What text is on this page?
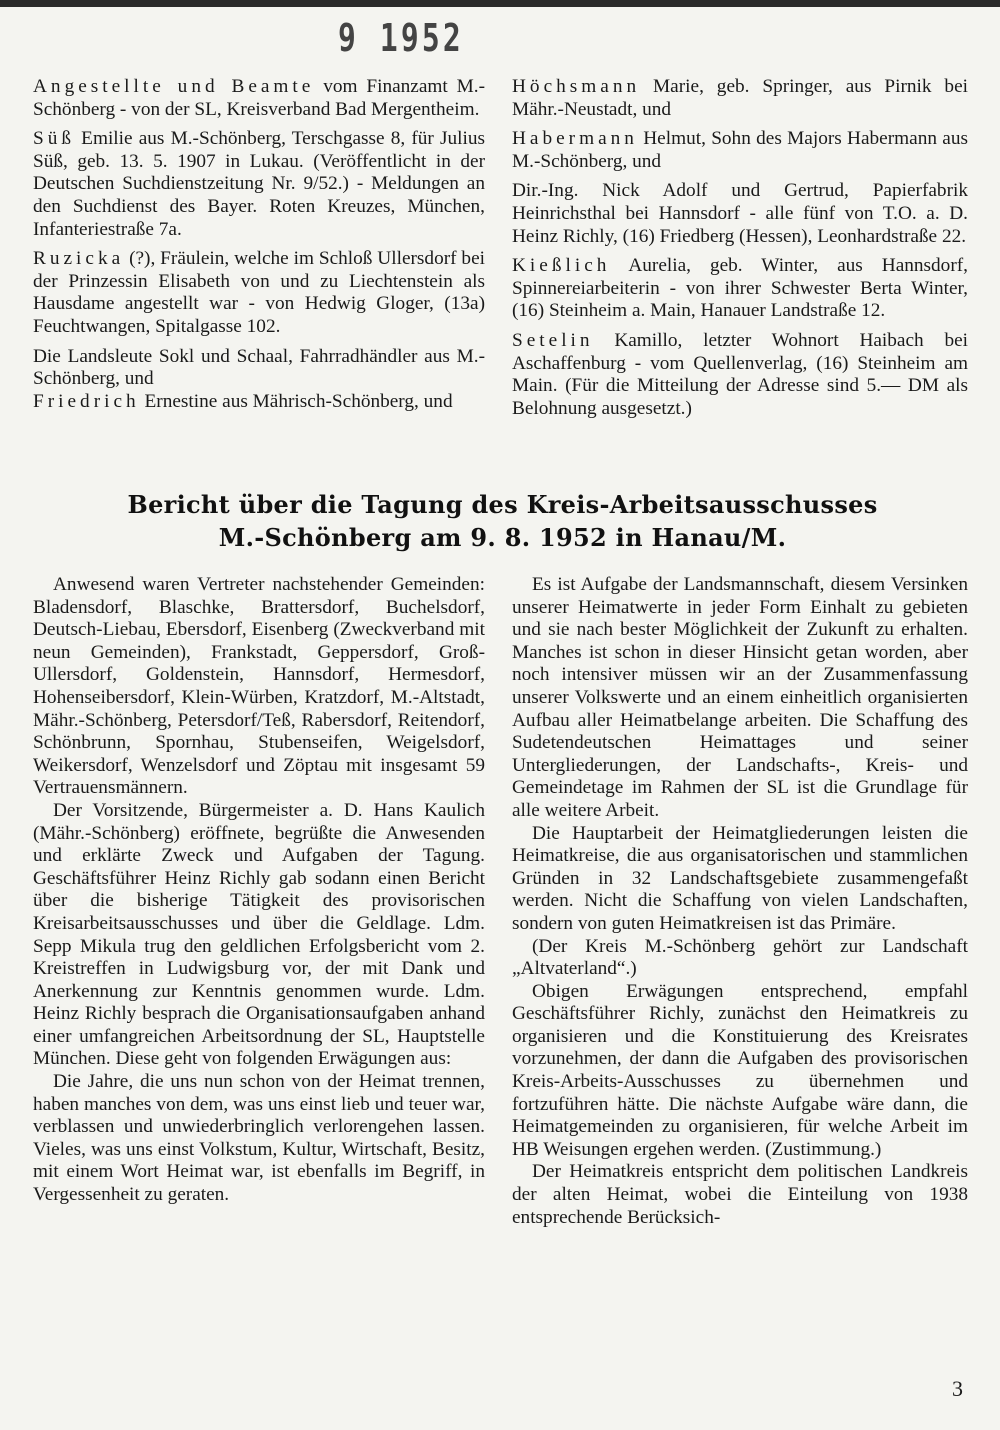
9 1952

Angestellte und Beamte vom Finanzamt M.-Schönberg - von der SL, Kreisverband Bad Mergentheim.

Süß Emilie aus M.-Schönberg, Terschgasse 8, für Julius Süß, geb. 13. 5. 1907 in Lukau. (Veröffentlicht in der Deutschen Suchdienstzeitung Nr. 9/52.) - Meldungen an den Suchdienst des Bayer. Roten Kreuzes, München, Infanteriestraße 7a.

Ruzicka (?), Fräulein, welche im Schloß Ullersdorf bei der Prinzessin Elisabeth von und zu Liechtenstein als Hausdame angestellt war - von Hedwig Gloger, (13a) Feuchtwangen, Spitalgasse 102.

Die Landsleute Sokl und Schaal, Fahrradhändler aus M.-Schönberg, und

Friedrich Ernestine aus Mährisch-Schönberg, und

Höchsmann Marie, geb. Springer, aus Pirnik bei Mähr.-Neustadt, und

Habermann Helmut, Sohn des Majors Habermann aus M.-Schönberg, und

Dir.-Ing. Nick Adolf und Gertrud, Papierfabrik Heinrichsthal bei Hannsdorf - alle fünf von T.O. a. D. Heinz Richly, (16) Friedberg (Hessen), Leonhardstraße 22.

Kießlich Aurelia, geb. Winter, aus Hannsdorf, Spinnereiarbeiterin - von ihrer Schwester Berta Winter, (16) Steinheim a. Main, Hanauer Landstraße 12.

Setelin Kamillo, letzter Wohnort Haibach bei Aschaffenburg - vom Quellenverlag, (16) Steinheim am Main. (Für die Mitteilung der Adresse sind 5.— DM als Belohnung ausgesetzt.)

Bericht über die Tagung des Kreis-Arbeitsausschusses
M.-Schönberg am 9. 8. 1952 in Hanau/M.

Anwesend waren Vertreter nachstehender Gemeinden: Bladensdorf, Blaschke, Brattersdorf, Buchelsdorf, Deutsch-Liebau, Ebersdorf, Eisenberg (Zweckverband mit neun Gemeinden), Frankstadt, Geppersdorf, Groß-Ullersdorf, Goldenstein, Hannsdorf, Hermesdorf, Hohenseibersdorf, Klein-Würben, Kratzdorf, M.-Altstadt, Mähr.-Schönberg, Petersdorf/Teß, Rabersdorf, Reitendorf, Schönbrunn, Spornhau, Stubenseifen, Weigelsdorf, Weikersdorf, Wenzelsdorf und Zöptau mit insgesamt 59 Vertrauensmännern.

Der Vorsitzende, Bürgermeister a. D. Hans Kaulich (Mähr.-Schönberg) eröffnete, begrüßte die Anwesenden und erklärte Zweck und Aufgaben der Tagung. Geschäftsführer Heinz Richly gab sodann einen Bericht über die bisherige Tätigkeit des provisorischen Kreisarbeitsausschusses und über die Geldlage. Ldm. Sepp Mikula trug den geldlichen Erfolgsbericht vom 2. Kreistreffen in Ludwigsburg vor, der mit Dank und Anerkennung zur Kenntnis genommen wurde. Ldm. Heinz Richly besprach die Organisationsaufgaben anhand einer umfangreichen Arbeitsordnung der SL, Hauptstelle München. Diese geht von folgenden Erwägungen aus:

Die Jahre, die uns nun schon von der Heimat trennen, haben manches von dem, was uns einst lieb und teuer war, verblassen und unwiederbringlich verlorengehen lassen. Vieles, was uns einst Volkstum, Kultur, Wirtschaft, Besitz, mit einem Wort Heimat war, ist ebenfalls im Begriff, in Vergessenheit zu geraten.

Es ist Aufgabe der Landsmannschaft, diesem Versinken unserer Heimatwerte in jeder Form Einhalt zu gebieten und sie nach bester Möglichkeit der Zukunft zu erhalten. Manches ist schon in dieser Hinsicht getan worden, aber noch intensiver müssen wir an der Zusammenfassung unserer Volkswerte und an einem einheitlich organisierten Aufbau aller Heimatbelange arbeiten. Die Schaffung des Sudetendeutschen Heimattages und seiner Untergliederungen, der Landschafts-, Kreis- und Gemeindetage im Rahmen der SL ist die Grundlage für alle weitere Arbeit.

Die Hauptarbeit der Heimatgliederungen leisten die Heimatkreise, die aus organisatorischen und stammlichen Gründen in 32 Landschaftsgebiete zusammengefaßt werden. Nicht die Schaffung von vielen Landschaften, sondern von guten Heimatkreisen ist das Primäre.

(Der Kreis M.-Schönberg gehört zur Landschaft „Altvaterland“.)

Obigen Erwägungen entsprechend, empfahl Geschäftsführer Richly, zunächst den Heimatkreis zu organisieren und die Konstituierung des Kreisrates vorzunehmen, der dann die Aufgaben des provisorischen Kreis-Arbeits-Ausschusses zu übernehmen und fortzuführen hätte. Die nächste Aufgabe wäre dann, die Heimatgemeinden zu organisieren, für welche Arbeit im HB Weisungen ergehen werden. (Zustimmung.)

Der Heimatkreis entspricht dem politischen Landkreis der alten Heimat, wobei die Einteilung von 1938 entsprechende Berücksich-

3
